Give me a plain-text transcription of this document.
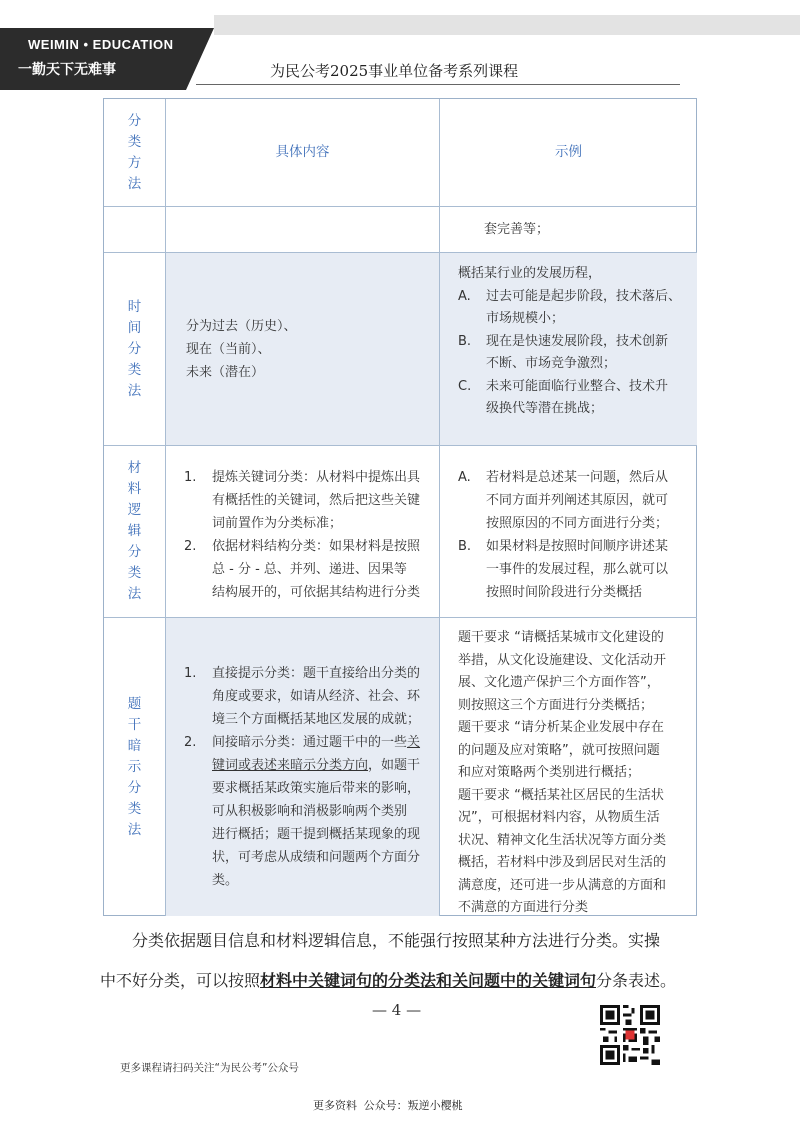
WEIMIN • EDUCATION
一勤天下无难事	为民公考2025事业单位备考系列课程
分类方法
具体内容	示例
套完善等；
时间分类法
分为过去（历史）、
现在（当前）、
未来（潜在）
概括某行业的发展历程，
A. 过去可能是起步阶段，技术落后、
市场规模小；
B. 现在是快速发展阶段，技术创新
不断、市场竞争激烈；
C. 未来可能面临行业整合、技术升
级换代等潜在挑战；
材料逻辑分类法
1. 提炼关键词分类：从材料中提炼出具
有概括性的关键词，然后把这些关键
词前置作为分类标准；
2. 依据材料结构分类：如果材料是按照
总 - 分 - 总、并列、递进、因果等
结构展开的，可依据其结构进行分类
A. 若材料是总述某一问题，然后从
不同方面并列阐述其原因，就可
按照原因的不同方面进行分类；
B. 如果材料是按照时间顺序讲述某
一事件的发展过程，那么就可以
按照时间阶段进行分类概括
题干暗示分类法
1. 直接提示分类：题干直接给出分类的
角度或要求，如请从经济、社会、环
境三个方面概括某地区发展的成就；
2. 间接暗示分类：通过题干中的一些关
键词或表述来暗示分类方向，如题干
要求概括某政策实施后带来的影响，
可从积极影响和消极影响两个类别
进行概括；题干提到概括某现象的现
状，可考虑从成绩和问题两个方面分
类。
题干要求 “请概括某城市文化建设的
举措，从文化设施建设、文化活动开
展、文化遗产保护三个方面作答”，
则按照这三个方面进行分类概括；
题干要求 “请分析某企业发展中存在
的问题及应对策略”，就可按照问题
和应对策略两个类别进行概括；
题干要求 “概括某社区居民的生活状
况”，可根据材料内容，从物质生活
状况、精神文化生活状况等方面分类
概括，若材料中涉及到居民对生活的
满意度，还可进一步从满意的方面和
不满意的方面进行分类
分类依据题目信息和材料逻辑信息，不能强行按照某种方法进行分类。实操
中不好分类，可以按照材料中关键词句的分类法和关问题中的关键词句分条表述。
— 4 —
更多课程请扫码关注“为民公考”公众号
更多资料 公众号：叛逆小樱桃
